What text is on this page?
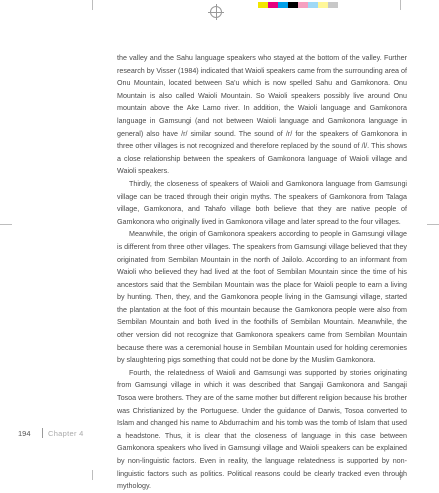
the valley and the Sahu language speakers who stayed at the bottom of the valley. Further research by Visser (1984) indicated that Waioli speakers came from the surrounding area of Onu Mountain, located between Sa'u which is now spelled Sahu and Gamkonora. Onu Mountain is also called Waioli Mountain. So Waioli speakers possibly live around Onu mountain above the Ake Lamo river. In addition, the Waioli language and Gamkonora language in Gamsungi (and not between Waioli language and Gamkonora language in general) also have /r/ similar sound. The sound of /r/ for the speakers of Gamkonora in three other villages is not recognized and therefore replaced by the sound of /l/. This shows a close relationship between the speakers of Gamkonora language of Waioli village and Waioli speakers.

Thirdly, the closeness of speakers of Waioli and Gamkonora language from Gamsungi village can be traced through their origin myths. The speakers of Gamkonora from Talaga village, Gamkonora, and Tahafo village both believe that they are native people of Gamkonora who originally lived in Gamkonora village and later spread to the four villages.

Meanwhile, the origin of Gamkonora speakers according to people in Gamsungi village is different from three other villages. The speakers from Gamsungi village believed that they originated from Sembilan Mountain in the north of Jailolo. According to an informant from Waioli who believed they had lived at the foot of Sembilan Mountain since the time of his ancestors said that the Sembilan Mountain was the place for Waioli people to earn a living by hunting. Then, they, and the Gamkonora people living in the Gamsungi village, started the plantation at the foot of this mountain because the Gamkonora people were also from Sembilan Mountain and both lived in the foothills of Sembilan Mountain. Meanwhile, the other version did not recognize that Gamkonora speakers came from Sembilan Mountain because there was a ceremonial house in Sembilan Mountain used for holding ceremonies by slaughtering pigs something that could not be done by the Muslim Gamkonora.

Fourth, the relatedness of Waioli and Gamsungi was supported by stories originating from Gamsungi village in which it was described that Sangaji Gamkonora and Sangaji Tosoa were brothers. They are of the same mother but different religion because his brother was Christianized by the Portuguese. Under the guidance of Darwis, Tosoa converted to Islam and changed his name to Abdurrachim and his tomb was the tomb of Islam that used a headstone. Thus, it is clear that the closeness of language in this case between Gamkonora speakers who lived in Gamsungi village and Waioli speakers can be explained by non-linguistic factors. Even in reality, the language relatedness is supported by non-linguistic factors such as politics. Political reasons could be clearly tracked even through mythology.

194	Chapter 4
